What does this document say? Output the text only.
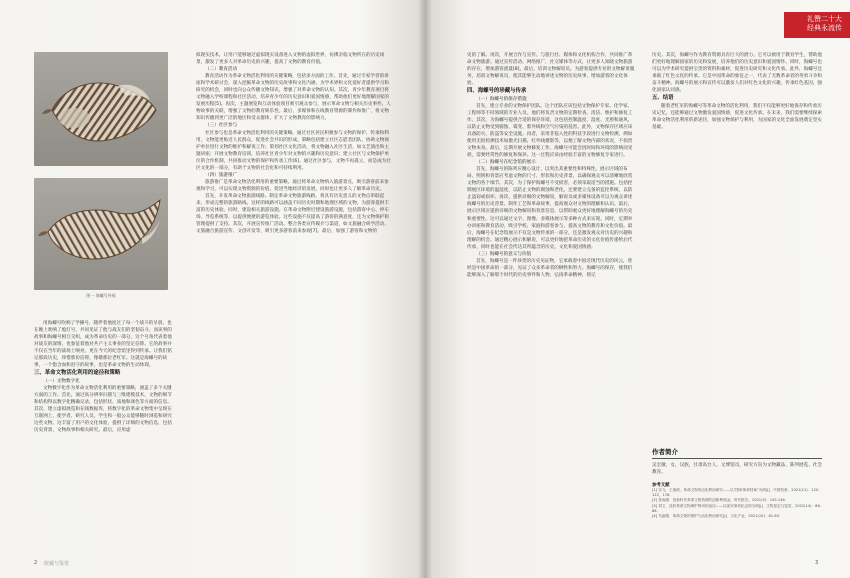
图一 海螺号外观

用海螺号吹响了学操号，随伴着他度过了每一个战斗的早晨，也在晚上吹响了熄灯号，共同见证了他与战友们的坚韧奋斗。而该事的故事和海螺号相互交织，成为革命历史的一部分。这个号角代表着他对战友的深情，也象征着他对共产主义事业的坚定信仰。它的故事并不仅在当年的战场上响亮，更在今天的纪念馆里得到传承。让我们铭记那段历史，珍惜那份信仰，像敬那位老红军。这就是海螺号的故事，一个饱含血和泪守的故事，也是革命文物的生动体现。

三、革命文物活化利用的途径和策略

（一）文物数字化

文物数字化作为革命文物活化利用的重要策略，涵盖了多个关键方面的工作。首先，通过高分辨率扫描与三维建模技术，文物的细节和结构得以数字化精确记录，包括形状、质地和颜色等方面的信息。其次，建立虚拟展览和在线数据库，将数字化的革命文物集中呈现在互联网上，使学者、研究人员、学生和一般公众能够随时浏览和研究这些文物。这丰富了用户的文化体验，提供了详细的文物信息，包括历史背景、文物故事和相关研究。最后，应用虚

拟现实技术，让用户能够通过虚拟现实设备进入文物的虚拟世界，仿佛亲临文物所在的历史场景，激发了更多人对革命历史的兴趣，提高了文物的教育价值。

（二）教育活动

教育活动作为革命文物活化利用的关键策略，包括多方面的工作。首先，通过专家学者的讲座和学术研讨会，深入挖掘革命文物的历史故事和文化内涵，为学术界和文化爱好者提供学习和研究的机会，同时也向公众传播文物知识，增强了对革命文物的认知。其次，青少年教育项目将文物融入学校课程和社区活动，培养青少年的历史意识和爱国情感，帮助他们更好地理解国家的发展历程[5]。再次，主题展览和互动体验项目吸引观众参与，展示革命文物与相关历史事件、人物故事的关联，增强了文物的教育娱乐性。最后，多媒体和在线教育资源的制作和推广，将文物知识传播到更广泛的地区和受众群体，扩大了文物教育的影响力。

（三）社区参与

社区参与也是革命文物活化利用的关键策略。通过社区居民积极参与文物的保护、传承和利用，文物能更贴近人民群众，促进社会共识的形成。策略包括建立社区志愿者团队，协助文物保护单位进行文物的维护和解说工作；策划社区文化活动，将文物融入社区生活，如文艺演出和主题讲座；开展文物教育培训，培养社区青少年对文物的兴趣和历史意识；建立社区与文物保护单位的合作机制，共同推动文物的保护和传承工作[6]。通过社区参与，文物不再孤立，而是成为社区文化的一部分，有助于文物的社会化和可持续利用。

（四）旅游推广

旅游推广是革命文物活化利用的重要策略。通过将革命文物纳入旅游景点，吸引游客前来参观和学习，可以实现文物资源的价值，促进当地经济的发展，同时也让更多人了解革命历史。

首先，开发革命文物旅游线路。制定革命文物旅游线路，将具有历史意义的文物点串联起来，形成完整的旅游路线。这样的线路可以涵盖不同历史时期和地理区域的文物，为游客提供丰富的历史体验。同时，建设相关旅游设施。在革命文物附近建设旅游设施，包括游客中心、停车场、导览系统等，以提供便捷的游览体验。这些设施不仅提高了游客的满意度，还为文物保护和管理提供了支持。其次，开展宣传推广活动。整合各类宣传媒介与渠道，如文旅融合研学活动、文旅融合旅游宣传、文创开发等，吸引更多游客前来参观[7]。最后，加强了游客和文物的

2 收藏与鉴赏
礼赞二十大
经典永流传

史的了解。再次，开展合作与宣传。与旅行社、媒体和文化机构合作，共同推广革命文物旅游。通过宣传活动、网络推广，社交媒体等方式，让更多人知晓文物旅游的存在，增加游客流量[8]。最后，培训文物解说员。为游客提供专业的文物解说服务，培训文物解说员，使其能够生动地讲述文物的历史故事，增加游客的文化体验。

四、海螺号的珍藏与传承

（一）海螺号的保存措施

首先，建立专业的文物保护团队。这个团队应该包括文物保护专家、化学家、工程师等不同领域的专业人员。他们将负责文物的定期检查、清洁、维护和修复工作。其次，为海螺号提供合适的保存环境，这包括控制温度、湿度、光照和通风，以防止文物受到腐蚀、霉变、紫外线和空气污染的侵害。此外，文物保存区域应该具备防火、防盗等安全设施。再者，采用非侵入性的科技手段进行文物检测，例如使用无损检测技术如激光扫描、红外线摄影等，以便了解文物内部的状况，不损害文物本身。最后，定期开展文物修复工作，海螺号可能会因时间和环境的影响而受损，需要经常性的修复和保养。这一过程应该由经验丰富的文物修复专家进行。

（二）海螺号在纪念馆的展示

首先，海螺号的陈列应精心设计，以突出其重要性和特殊性。展示区域的布局、照明和背景应考虑文物的尺寸、形状和历史背景，以确保观众可以清晰地欣赏文物的各个细节。其次，为了保护海螺号不受损害，必须采取适当的措施。包括控制展区环境的温湿度，以防止文物的腐蚀和老化。还要建立完备的监控系统，以防止盗窃或损坏。再次，提供详细的文物解说，解说员或多媒体设备可以为观众讲述海螺号的历史背景、制作工艺和革命故事，提高观众对文物的理解和认识。最后，展示区域应提供详细的文物解说和背景信息，以帮助观众更好地理解海螺号的历史和重要性。这可以通过文字、图像、多媒体展示等多种方式来实现。同时，定期举办讲座和教育活动，吸引学校、家庭和游客参与，提高文物的教育和文化价值。最后，海螺号在纪念馆展示不仅是文物传承的一部分，还是激发观众对历史的兴趣和理解的机会。通过精心展示和解说，可以更好地把革命历史的文化价值传递给后代传承，同时也能在社会传达其所蕴含的历史、文化和爱国情感。

（三）海螺号的意义与价值

首先，海螺号是一件珍贵的历史见证物，它承载着中国近现代历史的风云，曾经是中国革命的一部分，见证了众多革命者的牺牲和努力。海螺号的保存，使我们能够深入了解那个时代的历史事件和人物，弘扬革命精神，铭记

历史。其次，海螺号作为教育资源具有巨大的潜力。它可以被用于教育学生，帮助他们更好地理解国家的历史和发展，培养他们的历史意识和爱国情怀。同时，海螺号也可以为学术研究提供宝贵的资料和素材，促进历史研究和文化传承。此外，海螺号还承载了红色文化的传承。它是中国革命的象征之一，代表了无数革命者的英勇斗争和奋斗精神。海螺号的展示和宣传可以激发人们对红色文化的兴趣，传承红色基因，强化国家认同感。

五、结语

随着老红军的海螺号等革命文物的活化利用，我们不仅能够更好地保存和传承历史记忆，还能够通过文物激发爱国情感，促进文化传承。在未来，我们需要继续探索革命文物活化利用的新途径，加强文物保护与利用，为国家的文化全面发展奠定坚实基础。

作者简介
吴宏敏，女，汉族，甘肃高台人，文博馆员，研究方向为文物藏品、陈列展览、社会教育。
参考文献
[1] 吴飞，王战坡，革命文物的活化利用研究——以"国家革命档案"为例[J]．中国档案，2021(11)：120-122，176.
[2] 张雨涵．论新时代革命文物资源的创新利用[J]．时代报告，2021(5)：145-146.
[3] 刘文．浅析革命文物保护利用的途径——以延安革命纪念馆为例[J]．文物鉴定与鉴赏，2022(14)：86-88.
[4] 马丽娟．革命文物的保护与活化利用研究[J]．文化产业，2021(10)：61-63.
3
